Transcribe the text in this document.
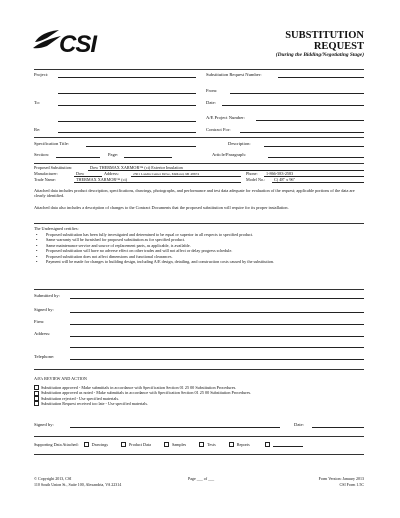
CSI	SUBSTITUTION
REQUEST
(During the Bidding/Negotiating Stage)
Project:	Substitution Request Number:
From:
To:	Date:
A/E Project Number:
Re:	Contract For:
Specification Title:	Description:
Section:	Page:	Article/Paragraph:
Proposed Substitution:	Dow THERMAX XARMOR™ (ci) Exterior Insulation
Manufacturer:	Dow	Address:	2301 Landin Center Drive, Midland, MI 48674	Phone: 1-866-583-2583
Trade Name:	THERMAX XARMOR™ (ci)	Model No.: C( 48" x 96"

Attached data includes product description, specifications, drawings, photographs, and performance and test data adequate for evaluation of the request; applicable portions of the data are clearly identified.

Attached data also includes a description of changes to the Contract Documents that the proposed substitution will require for its proper installation.

The Undersigned certifies:
• Proposed substitution has been fully investigated and determined to be equal or superior in all respects to specified product.
• Same warranty will be furnished for proposed substitution as for specified product.
• Same maintenance service and source of replacement parts, as applicable, is available.
• Proposed substitution will have no adverse effect on other trades and will not affect or delay progress schedule.
• Proposed substitution does not affect dimensions and functional clearances.
• Payment will be made for changes to building design, including A/E design, detailing, and construction costs caused by the substitution.
Submitted by:
Signed by:
Firm:
Address:
Telephone:
A/E's REVIEW AND ACTION
Substitution approved - Make submittals in accordance with Specification Section 01 25 00 Substitution Procedures.
Substitution approved as noted - Make submittals in accordance with Specification Section 01 25 00 Substitution Procedures.
Substitution rejected - Use specified materials.
Substitution Request received too late - Use specified materials.
Signed by:	Date:
Supporting Data Attached:	Drawings	Product Data	Samples	Tests	Reports
© Copyright 2013, CSI
110 South Union St., Suite 100, Alexandria, VA 22314
Page ___ of ___	Form Version: January 2013
CSI Form 1.5C
